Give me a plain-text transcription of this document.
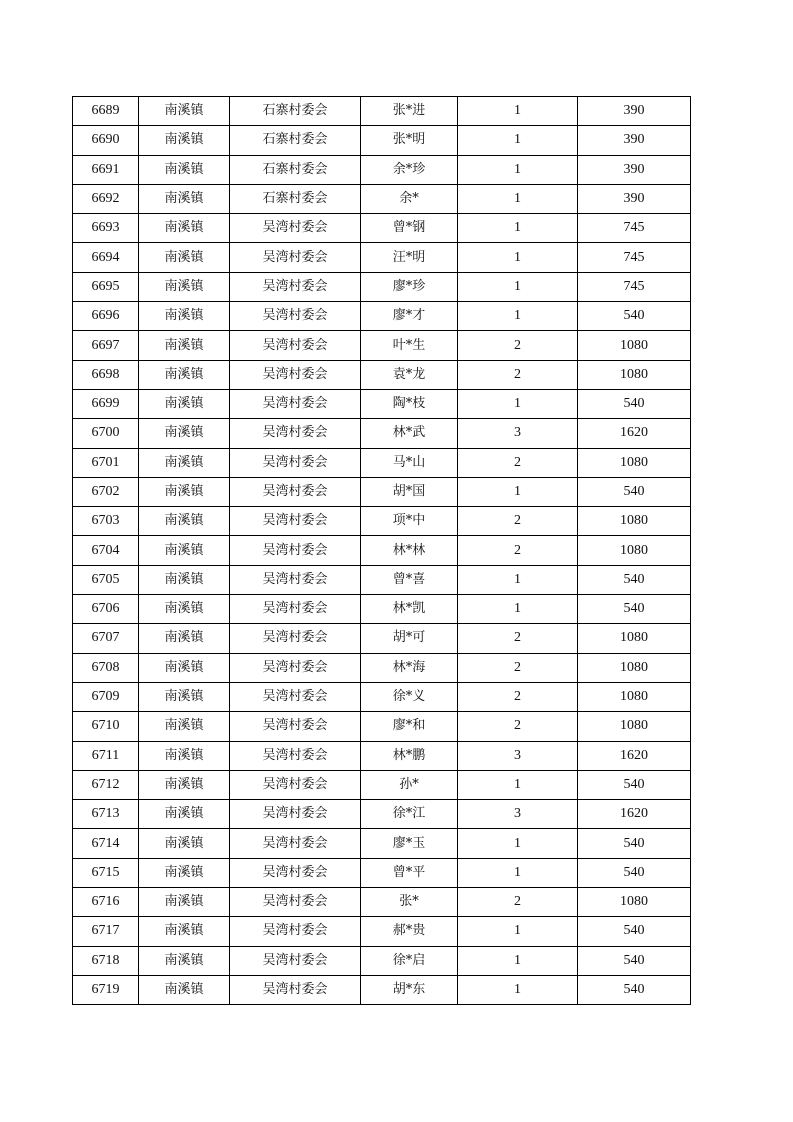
6689	南溪镇	石寨村委会	张*进	1	390
6690	南溪镇	石寨村委会	张*明	1	390
6691	南溪镇	石寨村委会	余*珍	1	390
6692	南溪镇	石寨村委会	余*	1	390
6693	南溪镇	吴湾村委会	曾*钢	1	745
6694	南溪镇	吴湾村委会	汪*明	1	745
6695	南溪镇	吴湾村委会	廖*珍	1	745
6696	南溪镇	吴湾村委会	廖*才	1	540
6697	南溪镇	吴湾村委会	叶*生	2	1080
6698	南溪镇	吴湾村委会	袁*龙	2	1080
6699	南溪镇	吴湾村委会	陶*枝	1	540
6700	南溪镇	吴湾村委会	林*武	3	1620
6701	南溪镇	吴湾村委会	马*山	2	1080
6702	南溪镇	吴湾村委会	胡*国	1	540
6703	南溪镇	吴湾村委会	项*中	2	1080
6704	南溪镇	吴湾村委会	林*林	2	1080
6705	南溪镇	吴湾村委会	曾*喜	1	540
6706	南溪镇	吴湾村委会	林*凯	1	540
6707	南溪镇	吴湾村委会	胡*可	2	1080
6708	南溪镇	吴湾村委会	林*海	2	1080
6709	南溪镇	吴湾村委会	徐*义	2	1080
6710	南溪镇	吴湾村委会	廖*和	2	1080
6711	南溪镇	吴湾村委会	林*鹏	3	1620
6712	南溪镇	吴湾村委会	孙*	1	540
6713	南溪镇	吴湾村委会	徐*江	3	1620
6714	南溪镇	吴湾村委会	廖*玉	1	540
6715	南溪镇	吴湾村委会	曾*平	1	540
6716	南溪镇	吴湾村委会	张*	2	1080
6717	南溪镇	吴湾村委会	郝*贵	1	540
6718	南溪镇	吴湾村委会	徐*启	1	540
6719	南溪镇	吴湾村委会	胡*东	1	540
